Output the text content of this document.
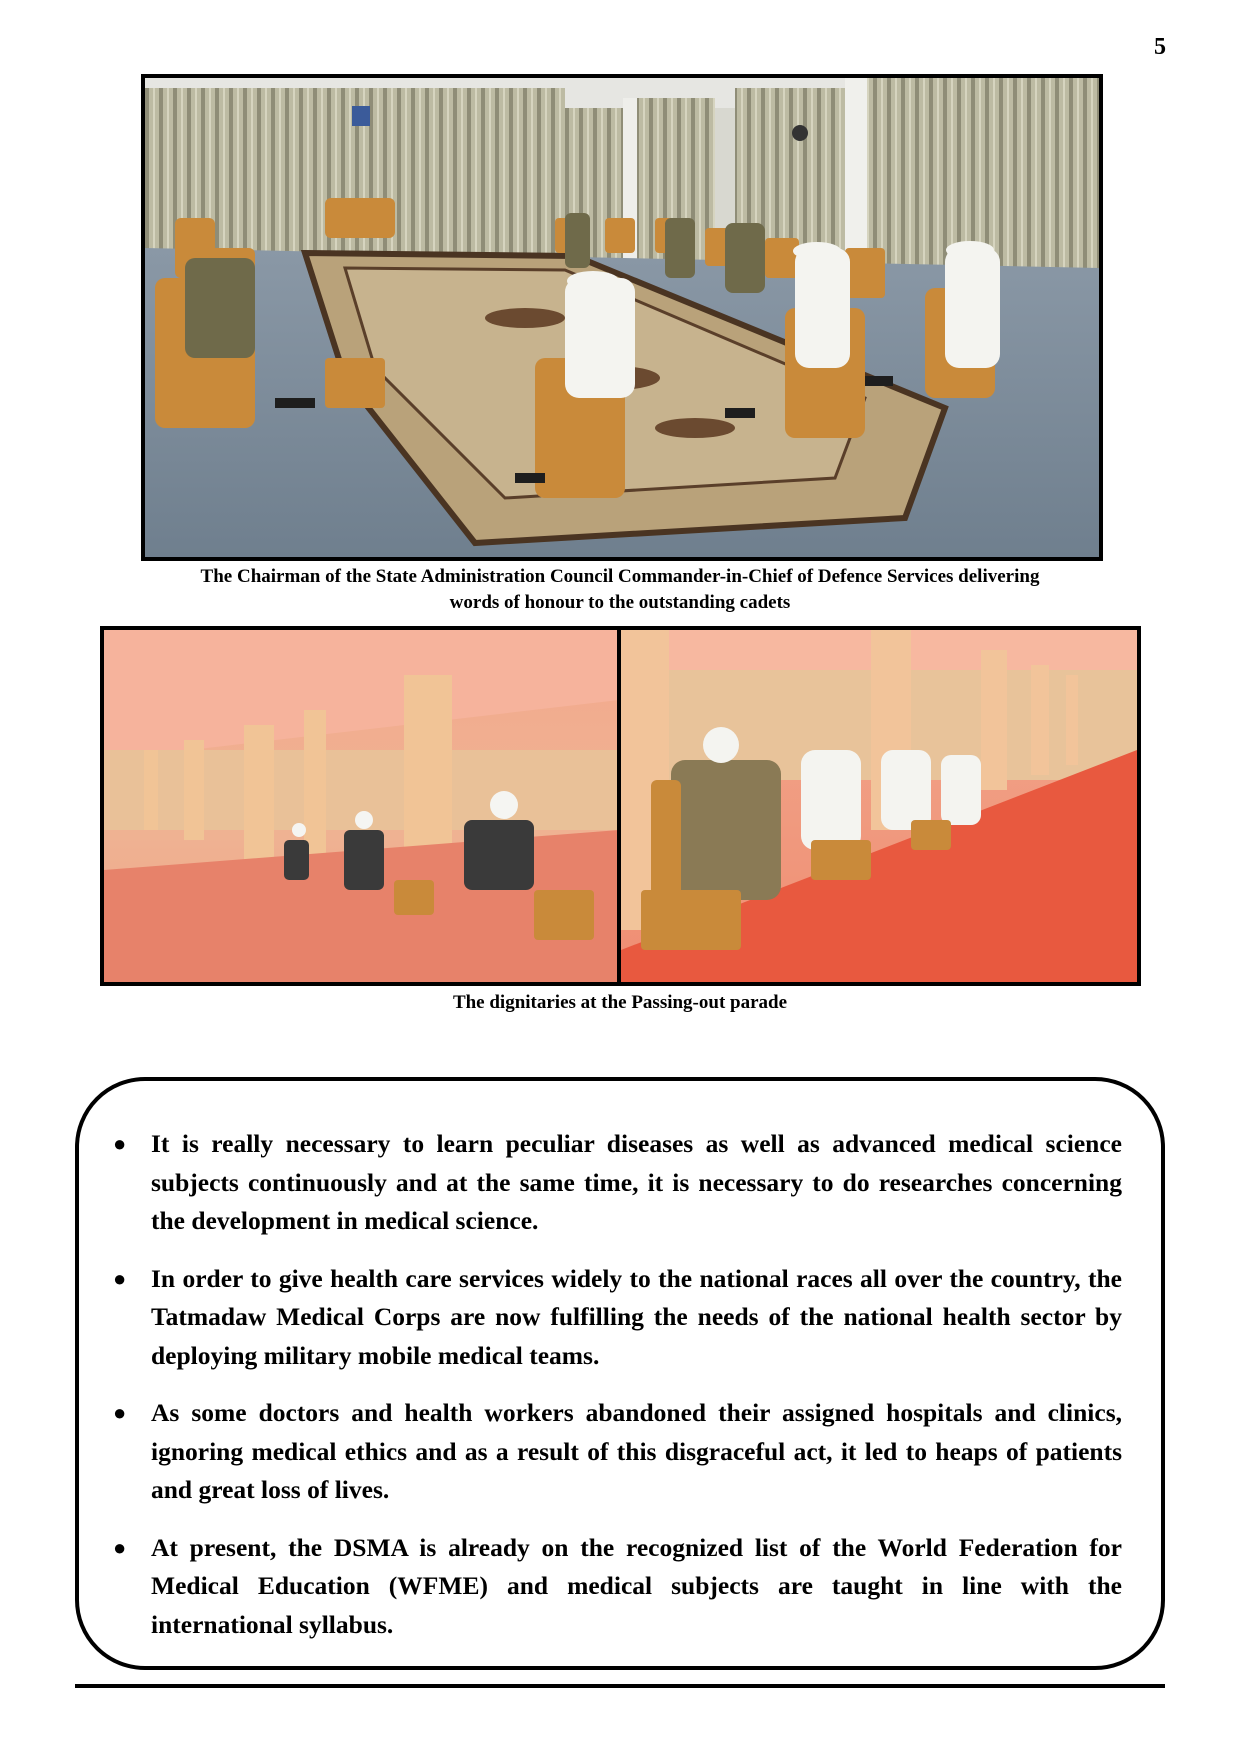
5
The Chairman of the State Administration Council Commander-in-Chief of Defence Services delivering
words of honour to the outstanding cadets
The dignitaries at the Passing-out parade
● It is really necessary to learn peculiar diseases as well as advanced medical science subjects continuously and at the same time, it is necessary to do researches concerning the development in medical science.
● In order to give health care services widely to the national races all over the country, the Tatmadaw Medical Corps are now fulfilling the needs of the national health sector by deploying military mobile medical teams.
● As some doctors and health workers abandoned their assigned hospitals and clinics, ignoring medical ethics and as a result of this disgraceful act, it led to heaps of patients and great loss of lives.
● At present, the DSMA is already on the recognized list of the World Federation for Medical Education (WFME) and medical subjects are taught in line with the international syllabus.
